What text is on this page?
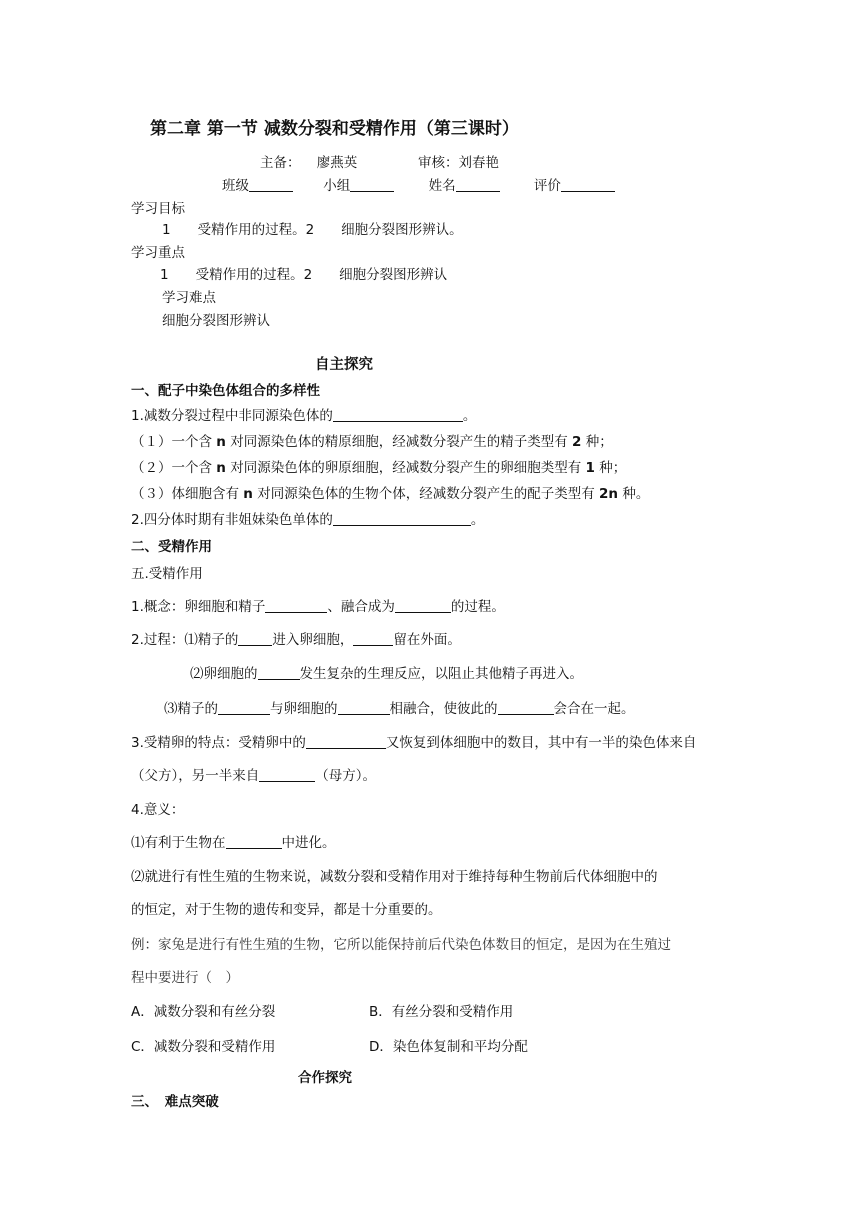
第二章 第一节 减数分裂和受精作用（第三课时）
主备： 廖燕英	审核：刘春艳
班级	小组	姓名	评价
学习目标
1　　受精作用的过程。2　　细胞分裂图形辨认。
学习重点
1　　受精作用的过程。2　　细胞分裂图形辨认
学习难点
细胞分裂图形辨认
自主探究
一、配子中染色体组合的多样性
1.减数分裂过程中非同源染色体的	。
（１）一个含 n 对同源染色体的精原细胞，经减数分裂产生的精子类型有 2 种；
（２）一个含 n 对同源染色体的卵原细胞，经减数分裂产生的卵细胞类型有 1 种；
（３）体细胞含有 n 对同源染色体的生物个体，经减数分裂产生的配子类型有 2n 种。
2.四分体时期有非姐妹染色单体的	。
二、受精作用
五.受精作用
1.概念：卵细胞和精子	、融合成为	的过程。
2.过程：⑴精子的	进入卵细胞，	留在外面。
⑵卵细胞的	发生复杂的生理反应，以阻止其他精子再进入。
⑶精子的	与卵细胞的	相融合，使彼此的	会合在一起。
3.受精卵的特点：受精卵中的	又恢复到体细胞中的数目，其中有一半的染色体来自
（父方），另一半来自	（母方）。
4.意义：
⑴有利于生物在	中进化。
⑵就进行有性生殖的生物来说，减数分裂和受精作用对于维持每种生物前后代体细胞中的
的恒定，对于生物的遗传和变异，都是十分重要的。
例：家兔是进行有性生殖的生物，它所以能保持前后代染色体数目的恒定，是因为在生殖过
程中要进行（　）
A．减数分裂和有丝分裂	B．有丝分裂和受精作用
C．减数分裂和受精作用	D．染色体复制和平均分配
合作探究
三、　难点突破
